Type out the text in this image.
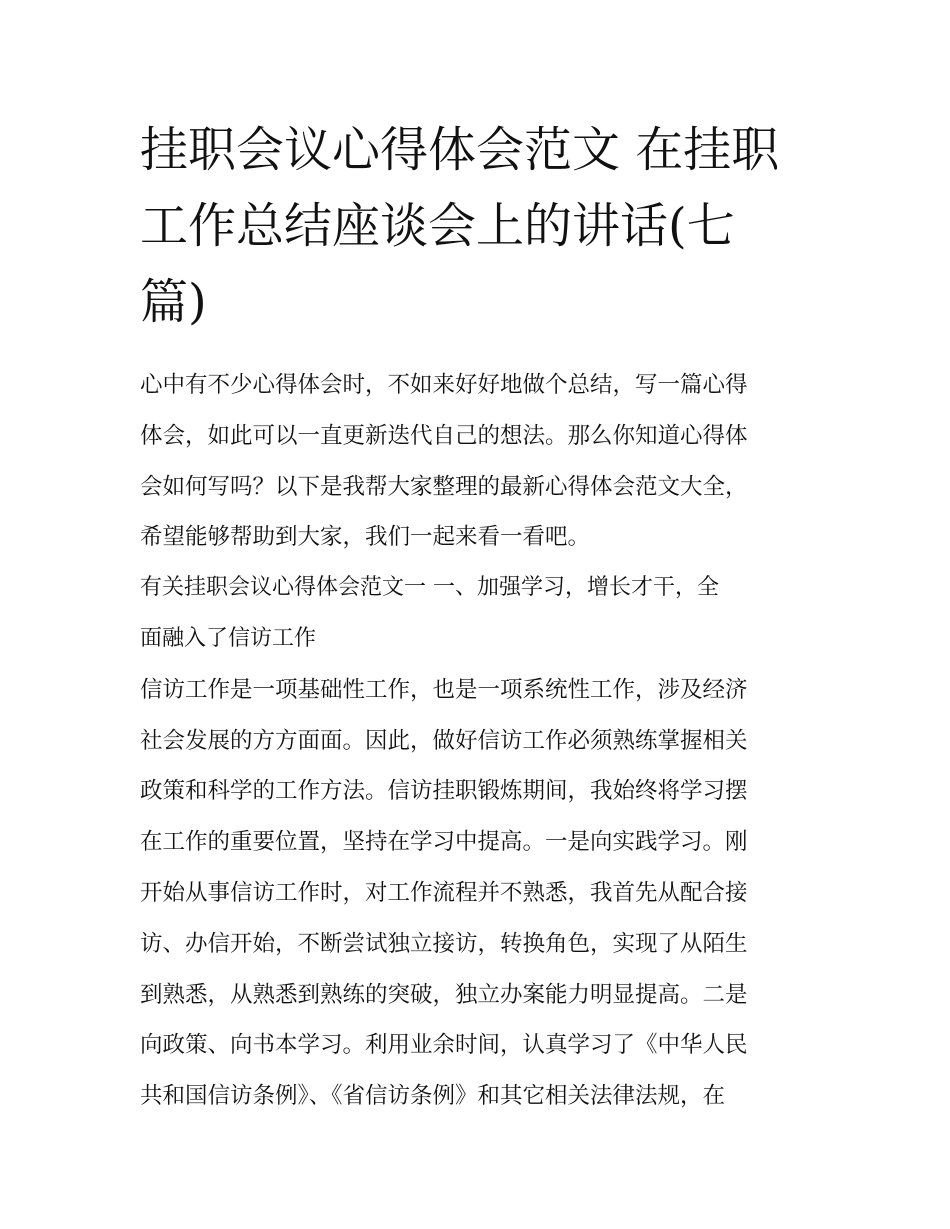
挂职会议心得体会范文 在挂职
工作总结座谈会上的讲话(七
篇)

心中有不少心得体会时，不如来好好地做个总结，写一篇心得
体会，如此可以一直更新迭代自己的想法。那么你知道心得体
会如何写吗？以下是我帮大家整理的最新心得体会范文大全，
希望能够帮助到大家，我们一起来看一看吧。

有关挂职会议心得体会范文一 一、加强学习，增长才干，全
面融入了信访工作

信访工作是一项基础性工作，也是一项系统性工作，涉及经济
社会发展的方方面面。因此，做好信访工作必须熟练掌握相关
政策和科学的工作方法。信访挂职锻炼期间，我始终将学习摆
在工作的重要位置，坚持在学习中提高。一是向实践学习。刚
开始从事信访工作时，对工作流程并不熟悉，我首先从配合接
访、办信开始，不断尝试独立接访，转换角色，实现了从陌生
到熟悉，从熟悉到熟练的突破，独立办案能力明显提高。二是
向政策、向书本学习。利用业余时间，认真学习了《中华人民
共和国信访条例》、《省信访条例》和其它相关法律法规，在
